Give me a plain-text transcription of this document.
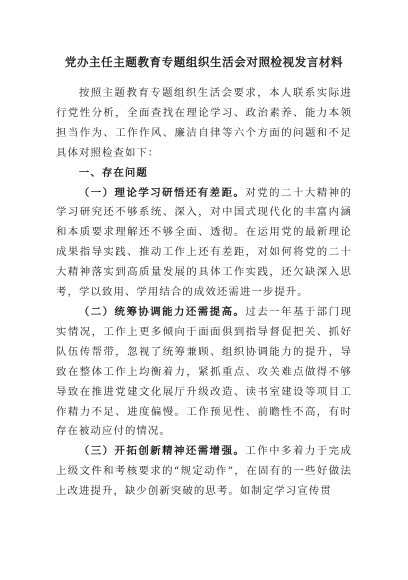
党办主任主题教育专题组织生活会对照检视发言材料

按照主题教育专题组织生活会要求，本人联系实际进行党性分析，全面查找在理论学习、政治素养、能力本领担当作为、工作作风、廉洁自律等六个方面的问题和不足具体对照检查如下：

一、存在问题

（一）理论学习研悟还有差距。对党的二十大精神的学习研究还不够系统、深入，对中国式现代化的丰富内涵和本质要求理解还不够全面、透彻。在运用党的最新理论成果指导实践、推动工作上还有差距，对如何将党的二十大精神落实到高质量发展的具体工作实践，还欠缺深入思考，学以致用、学用结合的成效还需进一步提升。

（二）统筹协调能力还需提高。过去一年基于部门现实情况，工作上更多倾向于面面俱到指导督促把关、抓好队伍传帮带，忽视了统筹兼顾、组织协调能力的提升，导致在整体工作上均衡着力，紧抓重点、攻关难点做得不够导致在推进党建文化展厅升级改造、读书室建设等项目工作精力不足、进度偏慢。工作预见性、前瞻性不高，有时存在被动应付的情况。

（三）开拓创新精神还需增强。工作中多着力于完成上级文件和考核要求的“规定动作”，在固有的一些好做法上改进提升，缺少创新突破的思考。如制定学习宣传贯
